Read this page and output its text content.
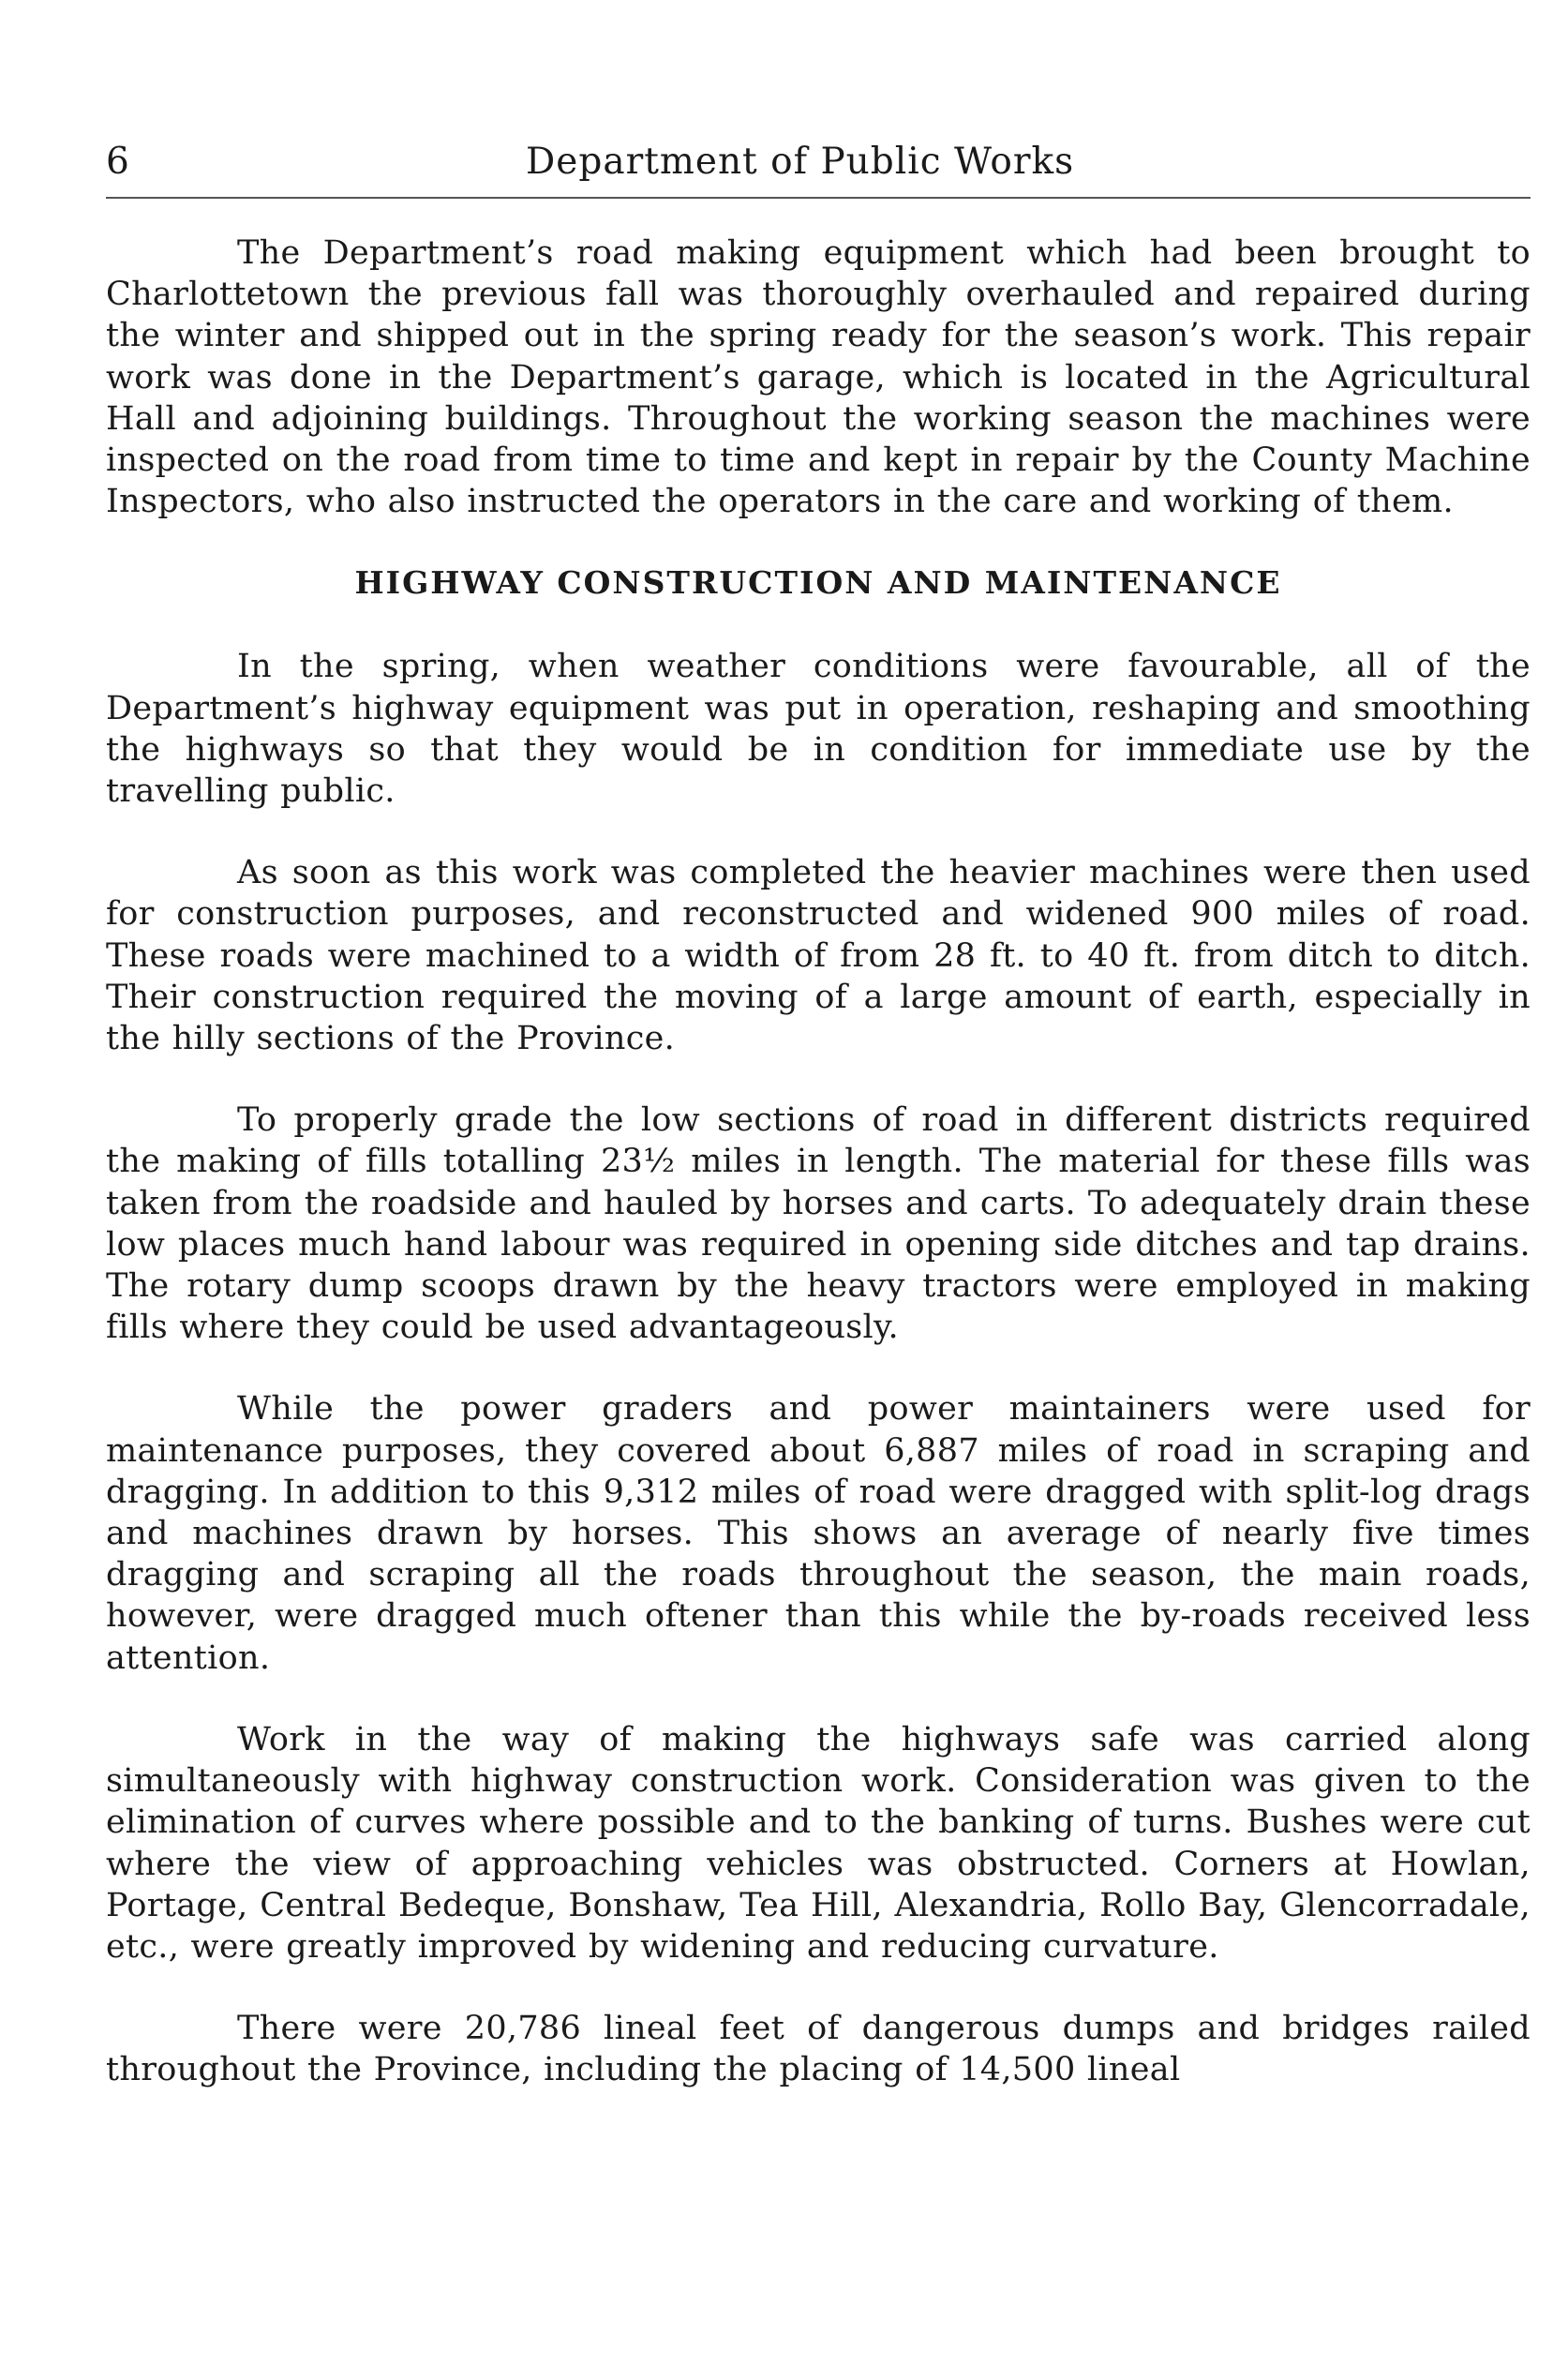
6	Department of Public Works

The Department’s road making equipment which had been brought to Charlottetown the previous fall was thoroughly overhauled and repaired during the winter and shipped out in the spring ready for the season’s work. This repair work was done in the Department’s garage, which is located in the Agricultural Hall and adjoining buildings. Throughout the working season the machines were inspected on the road from time to time and kept in repair by the County Machine Inspectors, who also instructed the operators in the care and working of them.

HIGHWAY CONSTRUCTION AND MAINTENANCE

In the spring, when weather conditions were favourable, all of the Department’s highway equipment was put in operation, reshaping and smoothing the highways so that they would be in condition for immediate use by the travelling public.

As soon as this work was completed the heavier machines were then used for construction purposes, and reconstructed and widened 900 miles of road. These roads were machined to a width of from 28 ft. to 40 ft. from ditch to ditch. Their construction required the moving of a large amount of earth, especially in the hilly sections of the Province.

To properly grade the low sections of road in different districts required the making of fills totalling 23½ miles in length. The material for these fills was taken from the roadside and hauled by horses and carts. To adequately drain these low places much hand labour was required in opening side ditches and tap drains. The rotary dump scoops drawn by the heavy tractors were employed in making fills where they could be used advantageously.

While the power graders and power maintainers were used for maintenance purposes, they covered about 6,887 miles of road in scraping and dragging. In addition to this 9,312 miles of road were dragged with split-log drags and machines drawn by horses. This shows an average of nearly five times dragging and scraping all the roads throughout the season, the main roads, however, were dragged much oftener than this while the by-roads received less attention.

Work in the way of making the highways safe was carried along simultaneously with highway construction work. Consideration was given to the elimination of curves where possible and to the banking of turns. Bushes were cut where the view of approaching vehicles was obstructed. Corners at Howlan, Portage, Central Bedeque, Bonshaw, Tea Hill, Alexandria, Rollo Bay, Glencorradale, etc., were greatly improved by widening and reducing curvature.

There were 20,786 lineal feet of dangerous dumps and bridges railed throughout the Province, including the placing of 14,500 lineal
